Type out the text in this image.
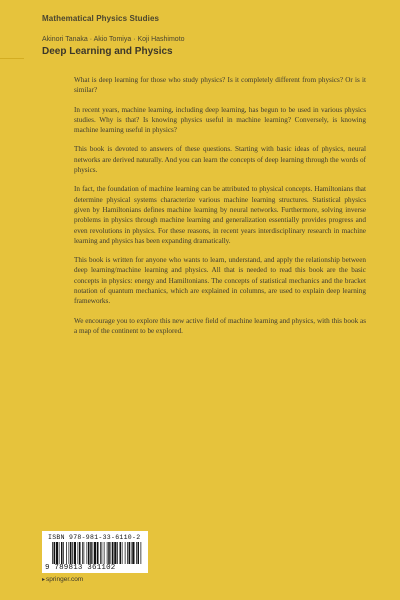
Mathematical Physics Studies
Akinori Tanaka · Akio Tomiya · Koji Hashimoto
Deep Learning and Physics

What is deep learning for those who study physics? Is it completely different from physics? Or is it similar?

In recent years, machine learning, including deep learning, has begun to be used in various physics studies. Why is that? Is knowing physics useful in machine learning? Conversely, is knowing machine learning useful in physics?

This book is devoted to answers of these questions. Starting with basic ideas of physics, neural networks are derived naturally. And you can learn the concepts of deep learning through the words of physics.

In fact, the foundation of machine learning can be attributed to physical concepts. Hamiltonians that determine physical systems characterize various machine learning structures. Statistical physics given by Hamiltonians defines machine learning by neural networks. Furthermore, solving inverse problems in physics through machine learning and generalization essentially provides progress and even revolutions in physics. For these reasons, in recent years interdisciplinary research in machine learning and physics has been expanding dramatically.

This book is written for anyone who wants to learn, understand, and apply the relationship between deep learning/machine learning and physics. All that is needed to read this book are the basic concepts in physics: energy and Hamiltonians. The concepts of statistical mechanics and the bracket notation of quantum mechanics, which are explained in columns, are used to explain deep learning frameworks.

We encourage you to explore this new active field of machine learning and physics, with this book as a map of the continent to be explored.

ISBN 978-981-33-6110-2
9 789813 361102
▸springer.com
